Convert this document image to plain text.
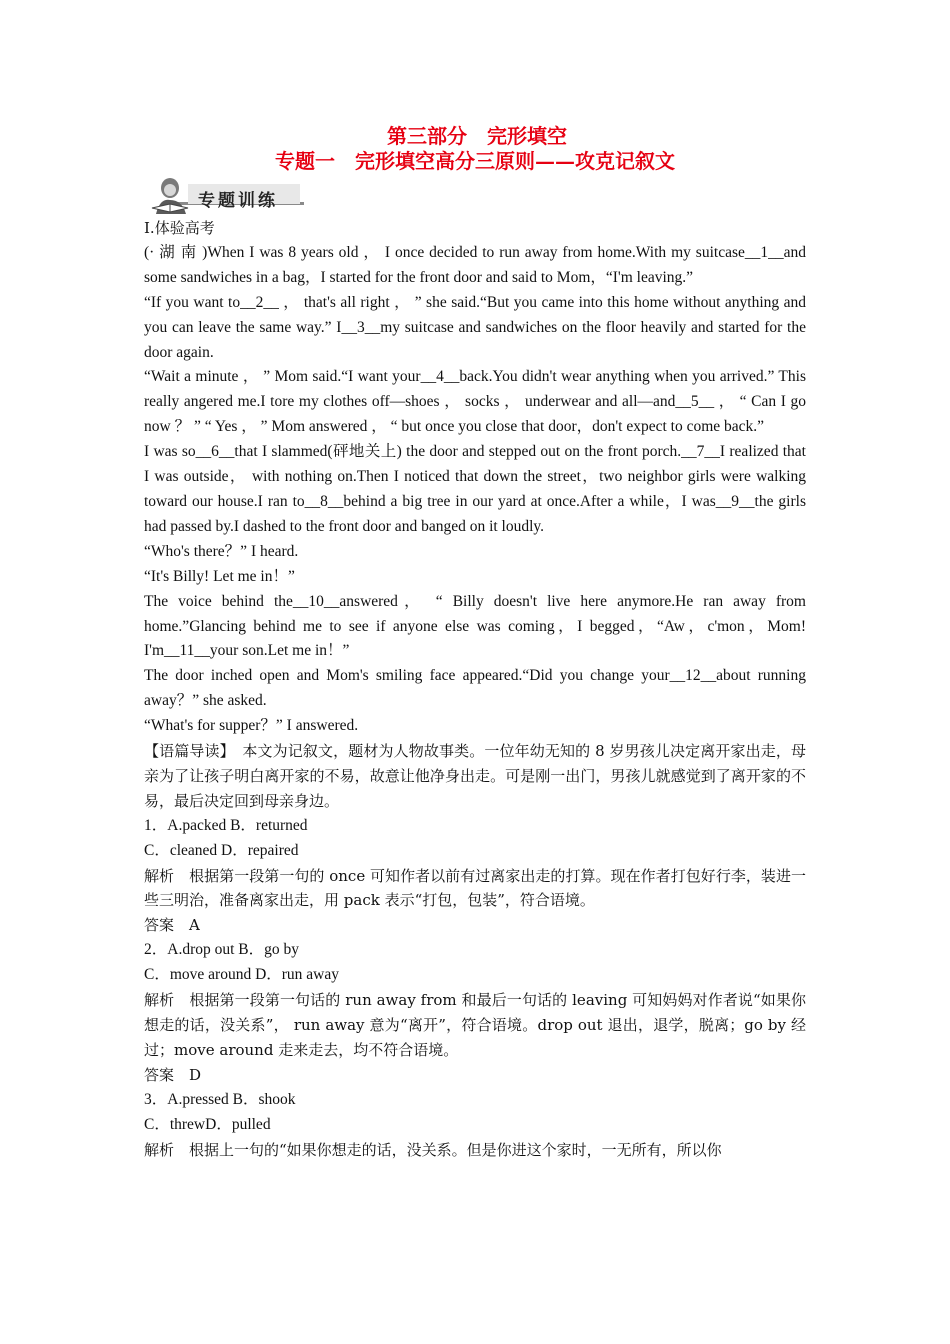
第三部分　完形填空
专题一　完形填空高分三原则——攻克记叙文
专题训练

Ⅰ.体验高考

(· 湖 南 )When I was 8 years old ， I once decided to run away from home.With my suitcase__1__and some sandwiches in a bag，I started for the front door and said to Mom，“I'm leaving.”

“If you want to__2__ ， that's all right ， ” she said.“But you came into this home without anything and you can leave the same way.” I__3__my suitcase and sandwiches on the floor heavily and started for the door again.

“Wait a minute ， ” Mom said.“I want your__4__back.You didn't wear anything when you arrived.” This really angered me.I tore my clothes off—shoes ， socks ， underwear and all—and__5__ ， “ Can I go now ？ ” “ Yes ， ” Mom answered ， “ but once you close that door，don't expect to come back.”

I was so__6__that I slammed(砰地关上) the door and stepped out on the front porch.__7__I realized that I was outside， with nothing on.Then I noticed that down the street，two neighbor girls were walking toward our house.I ran to__8__behind a big tree in our yard at once.After a while，I was__9__the girls had passed by.I dashed to the front door and banged on it loudly.

“Who's there？” I heard.

“It's Billy! Let me in！”

The voice behind the__10__answered， “ Billy doesn't live here anymore.He ran away from home.”Glancing behind me to see if anyone else was coming，I begged，“Aw，c'mon，Mom! I'm__11__your son.Let me in！”

The door inched open and Mom's smiling face appeared.“Did you change your__12__about running away？” she asked.

“What's for supper？” I answered.

【语篇导读】　本文为记叙文，题材为人物故事类。一位年幼无知的 8 岁男孩儿决定离开家出走，母亲为了让孩子明白离开家的不易，故意让他净身出走。可是刚一出门，男孩儿就感觉到了离开家的不易，最后决定回到母亲身边。

1．A.packed B．returned

C．cleaned D．repaired

解析　根据第一段第一句的 once 可知作者以前有过离家出走的打算。现在作者打包好行李，装进一些三明治，准备离家出走，用 pack 表示“打包，包装”，符合语境。

答案　A

2．A.drop out B．go by

C．move around D．run away

解析　根据第一段第一句话的 run away from 和最后一句话的 leaving 可知妈妈对作者说“如果你想走的话，没关系”， run away 意为“离开”，符合语境。drop out 退出，退学，脱离；go by 经过；move around 走来走去，均不符合语境。

答案　D

3．A.pressed B．shook

C．threwD．pulled

解析　根据上一句的“如果你想走的话，没关系。但是你进这个家时，一无所有，所以你
